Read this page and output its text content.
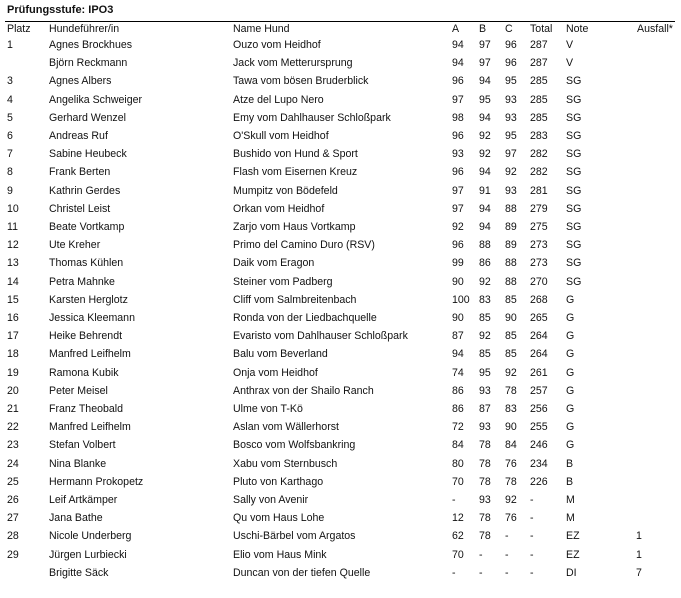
Prüfungsstufe: IPO3
Platz Hundeführer/in	Name Hund	A B C Total Note	Ausfall*
1	Agnes Brockhues	Ouzo vom Heidhof	94 97 96 287 V
Björn Reckmann	Jack vom Metterursprung	94 97 96 287 V
3	Agnes Albers	Tawa vom bösen Bruderblick	96 94 95 285 SG
4	Angelika Schweiger	Atze del Lupo Nero	97 95 93 285 SG
5	Gerhard Wenzel	Emy vom Dahlhauser Schloßpark	98 94 93 285 SG
6	Andreas Ruf	O'Skull vom Heidhof	96 92 95 283 SG
7	Sabine Heubeck	Bushido von Hund & Sport	93 92 97 282 SG
8	Frank Berten	Flash vom Eisernen Kreuz	96 94 92 282 SG
9	Kathrin Gerdes	Mumpitz von Bödefeld	97 91 93 281 SG
10	Christel Leist	Orkan vom Heidhof	97 94 88 279 SG
11	Beate Vortkamp	Zarjo vom Haus Vortkamp	92 94 89 275 SG
12	Ute Kreher	Primo del Camino Duro (RSV)	96 88 89 273 SG
13	Thomas Kühlen	Daik vom Eragon	99 86 88 273 SG
14	Petra Mahnke	Steiner vom Padberg	90 92 88 270 SG
15	Karsten Herglotz	Cliff vom Salmbreitenbach	100 83 85 268 G
16	Jessica Kleemann	Ronda von der Liedbachquelle	90 85 90 265 G
17	Heike Behrendt	Evaristo vom Dahlhauser Schloßpark	87 92 85 264 G
18	Manfred Leifhelm	Balu vom Beverland	94 85 85 264 G
19	Ramona Kubik	Onja vom Heidhof	74 95 92 261 G
20	Peter Meisel	Anthrax von der Shailo Ranch	86 93 78 257 G
21	Franz Theobald	Ulme von T-Kö	86 87 83 256 G
22	Manfred Leifhelm	Aslan vom Wällerhorst	72 93 90 255 G
23	Stefan Volbert	Bosco vom Wolfsbankring	84 78 84 246 G
24	Nina Blanke	Xabu vom Sternbusch	80 78 76 234 B
25	Hermann Prokopetz	Pluto von Karthago	70 78 78 226 B
26	Leif Artkämper	Sally von Avenir	- 93 92 -	M
27	Jana Bathe	Qu vom Haus Lohe	12 78 76 -	M
28	Nicole Underberg	Uschi-Bärbel vom Argatos	62 78 - -	EZ	1
29	Jürgen Lurbiecki	Elio vom Haus Mink	70 - - -	EZ	1
Brigitte Säck	Duncan von der tiefen Quelle	- - - -	DI	7
